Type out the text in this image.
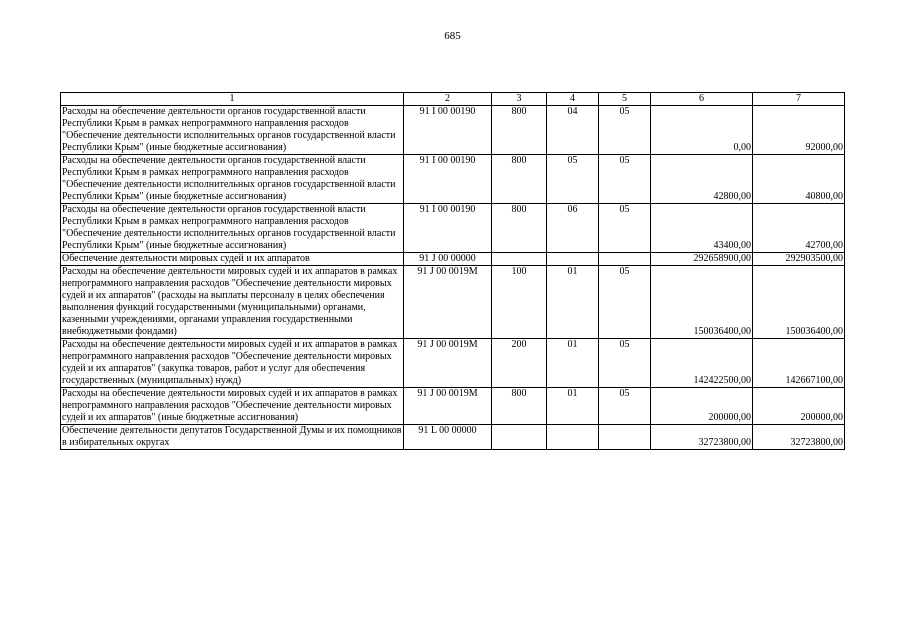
685
1	2	3	4	5	6	7
Расходы на обеспечение деятельности органов государственной власти Республики Крым в рамках непрограммного направления расходов "Обеспечение деятельности исполнительных органов государственной власти Республики Крым" (иные бюджетные ассигнования)	91 I 00 00190	800	04	05	0,00	92000,00
Расходы на обеспечение деятельности органов государственной власти Республики Крым в рамках непрограммного направления расходов "Обеспечение деятельности исполнительных органов государственной власти Республики Крым" (иные бюджетные ассигнования)	91 I 00 00190	800	05	05	42800,00	40800,00
Расходы на обеспечение деятельности органов государственной власти Республики Крым в рамках непрограммного направления расходов "Обеспечение деятельности исполнительных органов государственной власти Республики Крым" (иные бюджетные ассигнования)	91 I 00 00190	800	06	05	43400,00	42700,00
Обеспечение деятельности мировых судей и их аппаратов	91 J 00 00000				292658900,00	292903500,00
Расходы на обеспечение деятельности мировых судей и их аппаратов в рамках непрограммного направления расходов "Обеспечение деятельности мировых судей и их аппаратов" (расходы на выплаты персоналу в целях обеспечения выполнения функций государственными (муниципальными) органами, казенными учреждениями, органами управления государственными внебюджетными фондами)	91 J 00 0019М	100	01	05	150036400,00	150036400,00
Расходы на обеспечение деятельности мировых судей и их аппаратов в рамках непрограммного направления расходов "Обеспечение деятельности мировых судей и их аппаратов" (закупка товаров, работ и услуг для обеспечения государственных (муниципальных) нужд)	91 J 00 0019М	200	01	05	142422500,00	142667100,00
Расходы на обеспечение деятельности мировых судей и их аппаратов в рамках непрограммного направления расходов "Обеспечение деятельности мировых судей и их аппаратов" (иные бюджетные ассигнования)	91 J 00 0019М	800	01	05	200000,00	200000,00
Обеспечение деятельности депутатов Государственной Думы и их помощников в избирательных округах	91 L 00 00000				32723800,00	32723800,00
